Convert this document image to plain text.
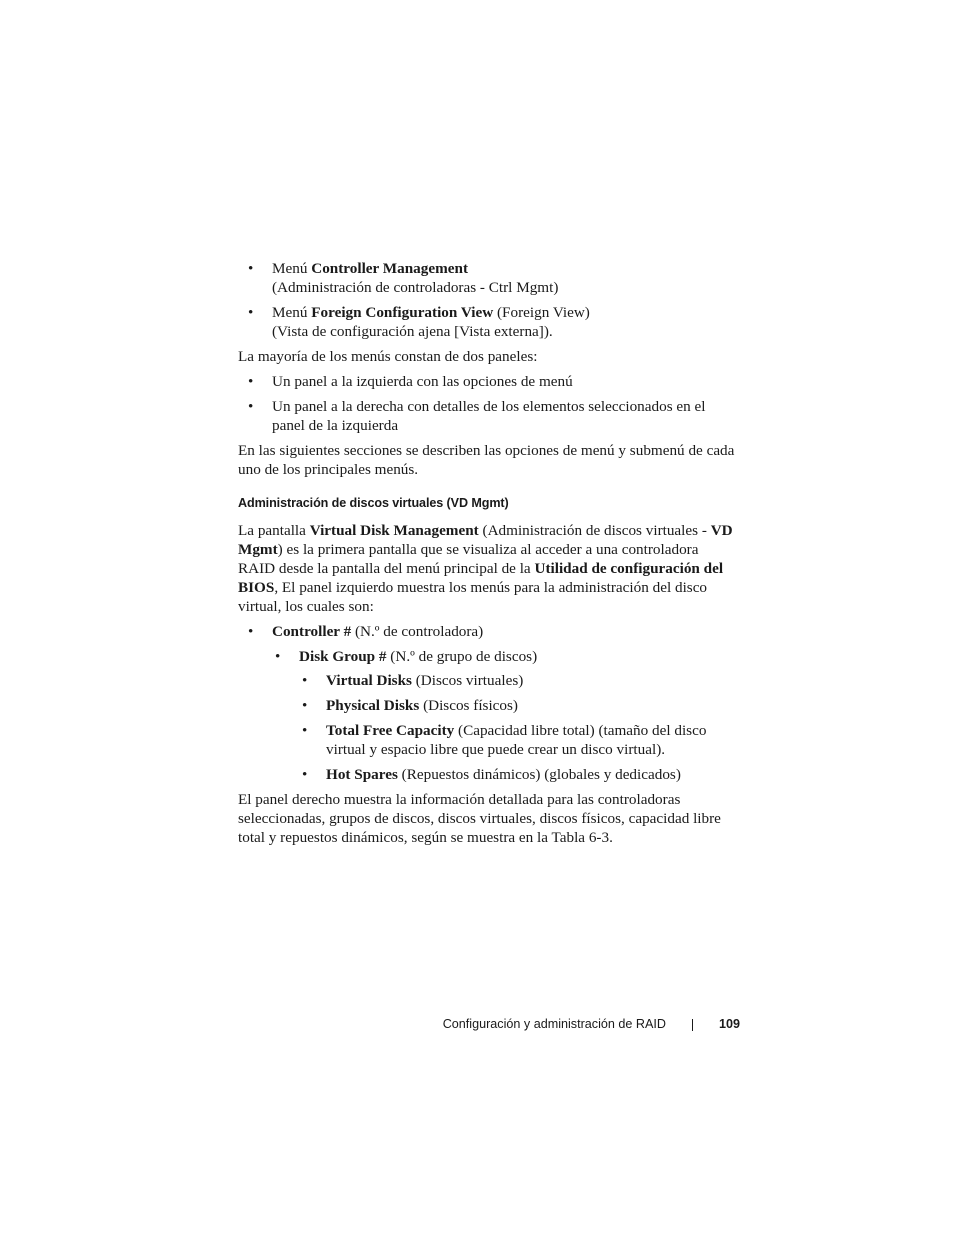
• Menú Controller Management
(Administración de controladoras - Ctrl Mgmt)
• Menú Foreign Configuration View (Foreign View)
(Vista de configuración ajena [Vista externa]).

La mayoría de los menús constan de dos paneles:

• Un panel a la izquierda con las opciones de menú
• Un panel a la derecha con detalles de los elementos seleccionados en el panel de la izquierda

En las siguientes secciones se describen las opciones de menú y submenú de cada uno de los principales menús.

Administración de discos virtuales (VD Mgmt)

La pantalla Virtual Disk Management (Administración de discos virtuales - VD Mgmt) es la primera pantalla que se visualiza al acceder a una controladora RAID desde la pantalla del menú principal de la Utilidad de configuración del BIOS, El panel izquierdo muestra los menús para la administración del disco virtual, los cuales son:

• Controller # (N.º de controladora)
• Disk Group # (N.º de grupo de discos)
• Virtual Disks (Discos virtuales)
• Physical Disks (Discos físicos)
• Total Free Capacity (Capacidad libre total) (tamaño del disco virtual y espacio libre que puede crear un disco virtual).
• Hot Spares (Repuestos dinámicos) (globales y dedicados)

El panel derecho muestra la información detallada para las controladoras seleccionadas, grupos de discos, discos virtuales, discos físicos, capacidad libre total y repuestos dinámicos, según se muestra en la Tabla 6-3.

Configuración y administración de RAID	109
